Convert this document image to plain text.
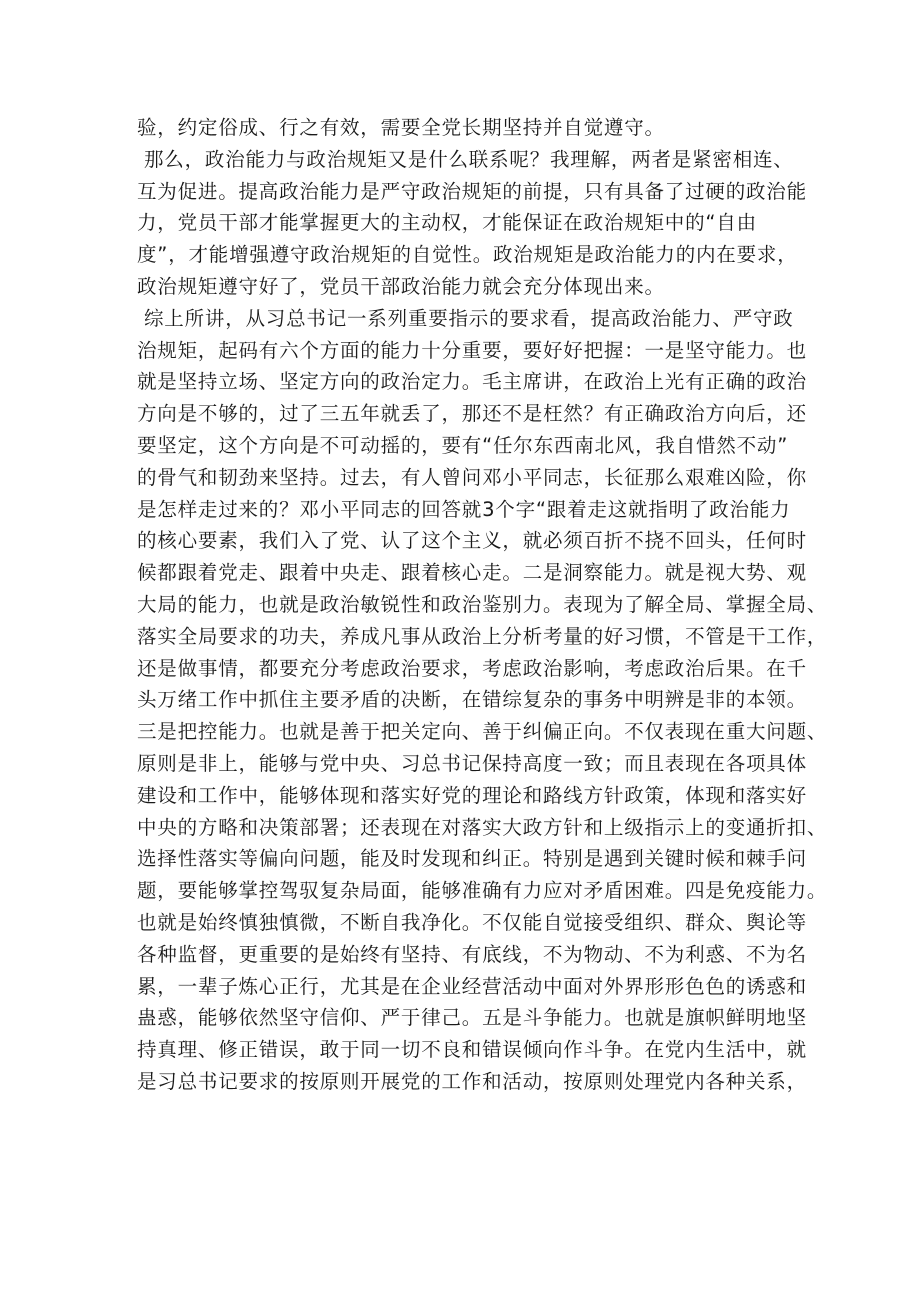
验，约定俗成、行之有效，需要全党长期坚持并自觉遵守。
那么，政治能力与政治规矩又是什么联系呢？我理解，两者是紧密相连、
互为促进。提高政治能力是严守政治规矩的前提，只有具备了过硬的政治能
力，党员干部才能掌握更大的主动权，才能保证在政治规矩中的“自由
度”，才能增强遵守政治规矩的自觉性。政治规矩是政治能力的内在要求，
政治规矩遵守好了，党员干部政治能力就会充分体现出来。
综上所讲，从习总书记一系列重要指示的要求看，提高政治能力、严守政
治规矩，起码有六个方面的能力十分重要，要好好把握：一是坚守能力。也
就是坚持立场、坚定方向的政治定力。毛主席讲，在政治上光有正确的政治
方向是不够的，过了三五年就丢了，那还不是枉然？有正确政治方向后，还
要坚定，这个方向是不可动摇的，要有“任尔东西南北风，我自惜然不动”
的骨气和韧劲来坚持。过去，有人曾问邓小平同志，长征那么艰难凶险，你
是怎样走过来的？邓小平同志的回答就3个字“跟着走这就指明了政治能力
的核心要素，我们入了党、认了这个主义，就必须百折不挠不回头，任何时
候都跟着党走、跟着中央走、跟着核心走。二是洞察能力。就是视大势、观
大局的能力，也就是政治敏锐性和政治鉴别力。表现为了解全局、掌握全局、
落实全局要求的功夫，养成凡事从政治上分析考量的好习惯，不管是干工作，
还是做事情，都要充分考虑政治要求，考虑政治影响，考虑政治后果。在千
头万绪工作中抓住主要矛盾的决断，在错综复杂的事务中明辨是非的本领。
三是把控能力。也就是善于把关定向、善于纠偏正向。不仅表现在重大问题、
原则是非上，能够与党中央、习总书记保持高度一致；而且表现在各项具体
建设和工作中，能够体现和落实好党的理论和路线方针政策，体现和落实好
中央的方略和决策部署；还表现在对落实大政方针和上级指示上的变通折扣、
选择性落实等偏向问题，能及时发现和纠正。特别是遇到关键时候和棘手问
题，要能够掌控驾驭复杂局面，能够准确有力应对矛盾困难。四是免疫能力。
也就是始终慎独慎微，不断自我净化。不仅能自觉接受组织、群众、舆论等
各种监督，更重要的是始终有坚持、有底线，不为物动、不为利惑、不为名
累，一辈子炼心正行，尤其是在企业经营活动中面对外界形形色色的诱惑和
蛊惑，能够依然坚守信仰、严于律己。五是斗争能力。也就是旗帜鲜明地坚
持真理、修正错误，敢于同一切不良和错误倾向作斗争。在党内生活中，就
是习总书记要求的按原则开展党的工作和活动，按原则处理党内各种关系，
